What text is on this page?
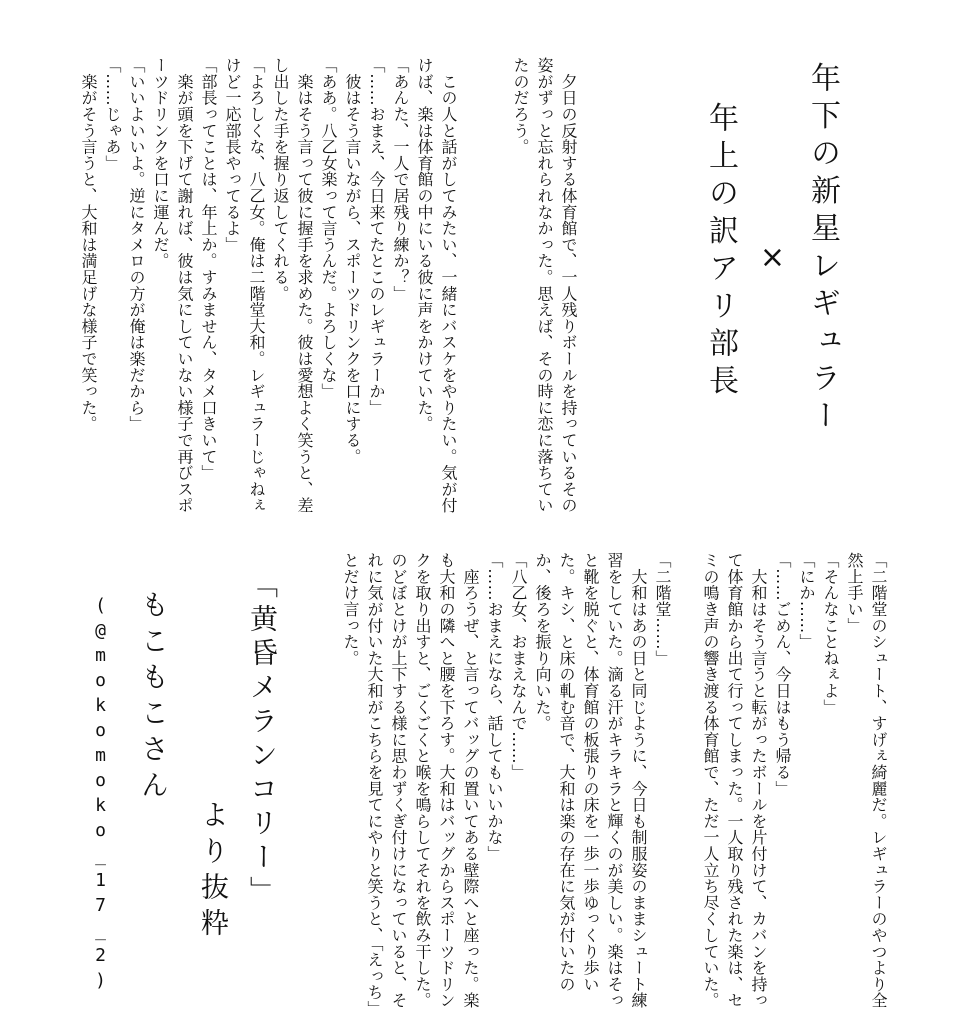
年下の新星レギュラー
×
年上の訳アリ部長
　夕日の反射する体育館で、一人残りボールを持っているその
姿がずっと忘れられなかった。思えば、その時に恋に落ちてい
たのだろう。
　この人と話がしてみたい、一緒にバスケをやりたい。気が付
けば、楽は体育館の中にいる彼に声をかけていた。
「あんた、一人で居残り練か？」
「……おまえ、今日来てたとこのレギュラーか」
　彼はそう言いながら、スポーツドリンクを口にする。
「ああ。八乙女楽って言うんだ。よろしくな」
　楽はそう言って彼に握手を求めた。彼は愛想よく笑うと、差
し出した手を握り返してくれる。
「よろしくな、八乙女。俺は二階堂大和。レギュラーじゃねぇ
けど一応部長やってるよ」
「部長ってことは、年上か。すみません、タメ口きいて」
　楽が頭を下げて謝れば、彼は気にしていない様子で再びスポ
ーツドリンクを口に運んだ。
「いいよいいよ。逆にタメロの方が俺は楽だから」
「……じゃあ」
　楽がそう言うと、大和は満足げな様子で笑った。
「二階堂のシュート、すげぇ綺麗だ。レギュラーのやつより全
然上手い」
「そんなことねぇよ」
「にか……」
「……ごめん、今日はもう帰る」
　大和はそう言うと転がったボールを片付けて、カバンを持っ
て体育館から出て行ってしまった。一人取り残された楽は、セ
ミの鳴き声の響き渡る体育館で、ただ一人立ち尽くしていた。
「二階堂……」
　大和はあの日と同じように、今日も制服姿のままシュート練
習をしていた。滴る汗がキラキラと輝くのが美しい。楽はそっ
と靴を脱ぐと、体育館の板張りの床を一歩一歩ゆっくり歩い
た。キシ、と床の軋む音で、大和は楽の存在に気が付いたの
か、後ろを振り向いた。
「八乙女、おまえなんで……」
「……おまえになら、話してもいいかな」
　座ろうぜ、と言ってバッグの置いてある壁際へと座った。楽
も大和の隣へと腰を下ろす。大和はバッグからスポーツドリン
クを取り出すと、ごくごくと喉を鳴らしてそれを飲み干した。
のどぼとけが上下する様に思わずくぎ付けになっていると、そ
れに気が付いた大和がこちらを見てにやりと笑うと、「えっち」
とだけ言った。
「黄昏メランコリー」
より抜粋
もこもこさん
(@mokomoko_17_2)
